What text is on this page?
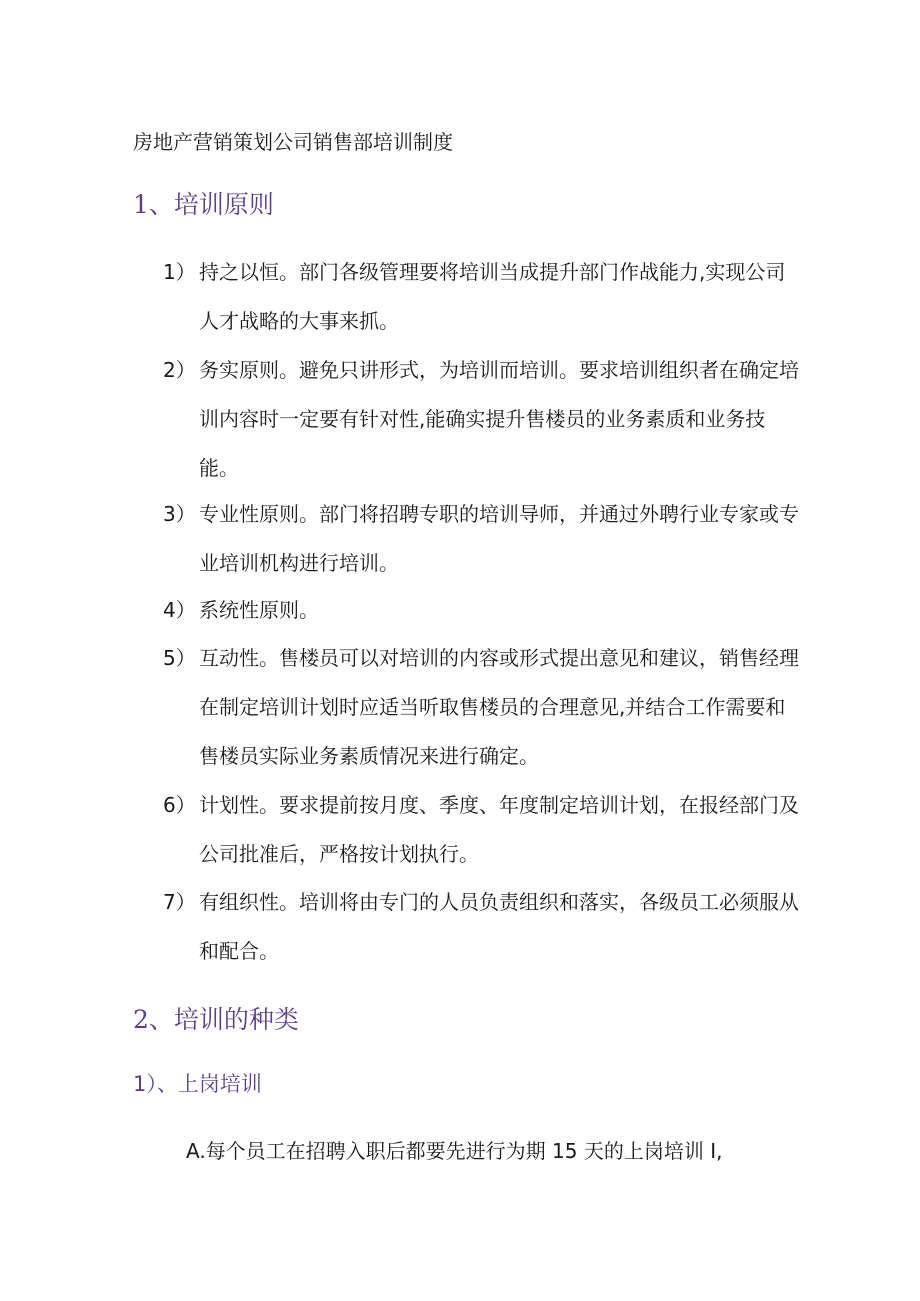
房地产营销策划公司销售部培训制度
1、培训原则
1） 持之以恒。部门各级管理要将培训当成提升部门作战能力,实现公司人才战略的大事来抓。
2） 务实原则。避免只讲形式，为培训而培训。要求培训组织者在确定培训内容时一定要有针对性,能确实提升售楼员的业务素质和业务技能。
3） 专业性原则。部门将招聘专职的培训导师，并通过外聘行业专家或专业培训机构进行培训。
4） 系统性原则。
5） 互动性。售楼员可以对培训的内容或形式提出意见和建议，销售经理在制定培训计划时应适当听取售楼员的合理意见,并结合工作需要和售楼员实际业务素质情况来进行确定。
6） 计划性。要求提前按月度、季度、年度制定培训计划，在报经部门及公司批准后，严格按计划执行。
7） 有组织性。培训将由专门的人员负责组织和落实，各级员工必须服从和配合。
2、培训的种类
1）、上岗培训
A.每个员工在招聘入职后都要先进行为期 15 天的上岗培训 I,
